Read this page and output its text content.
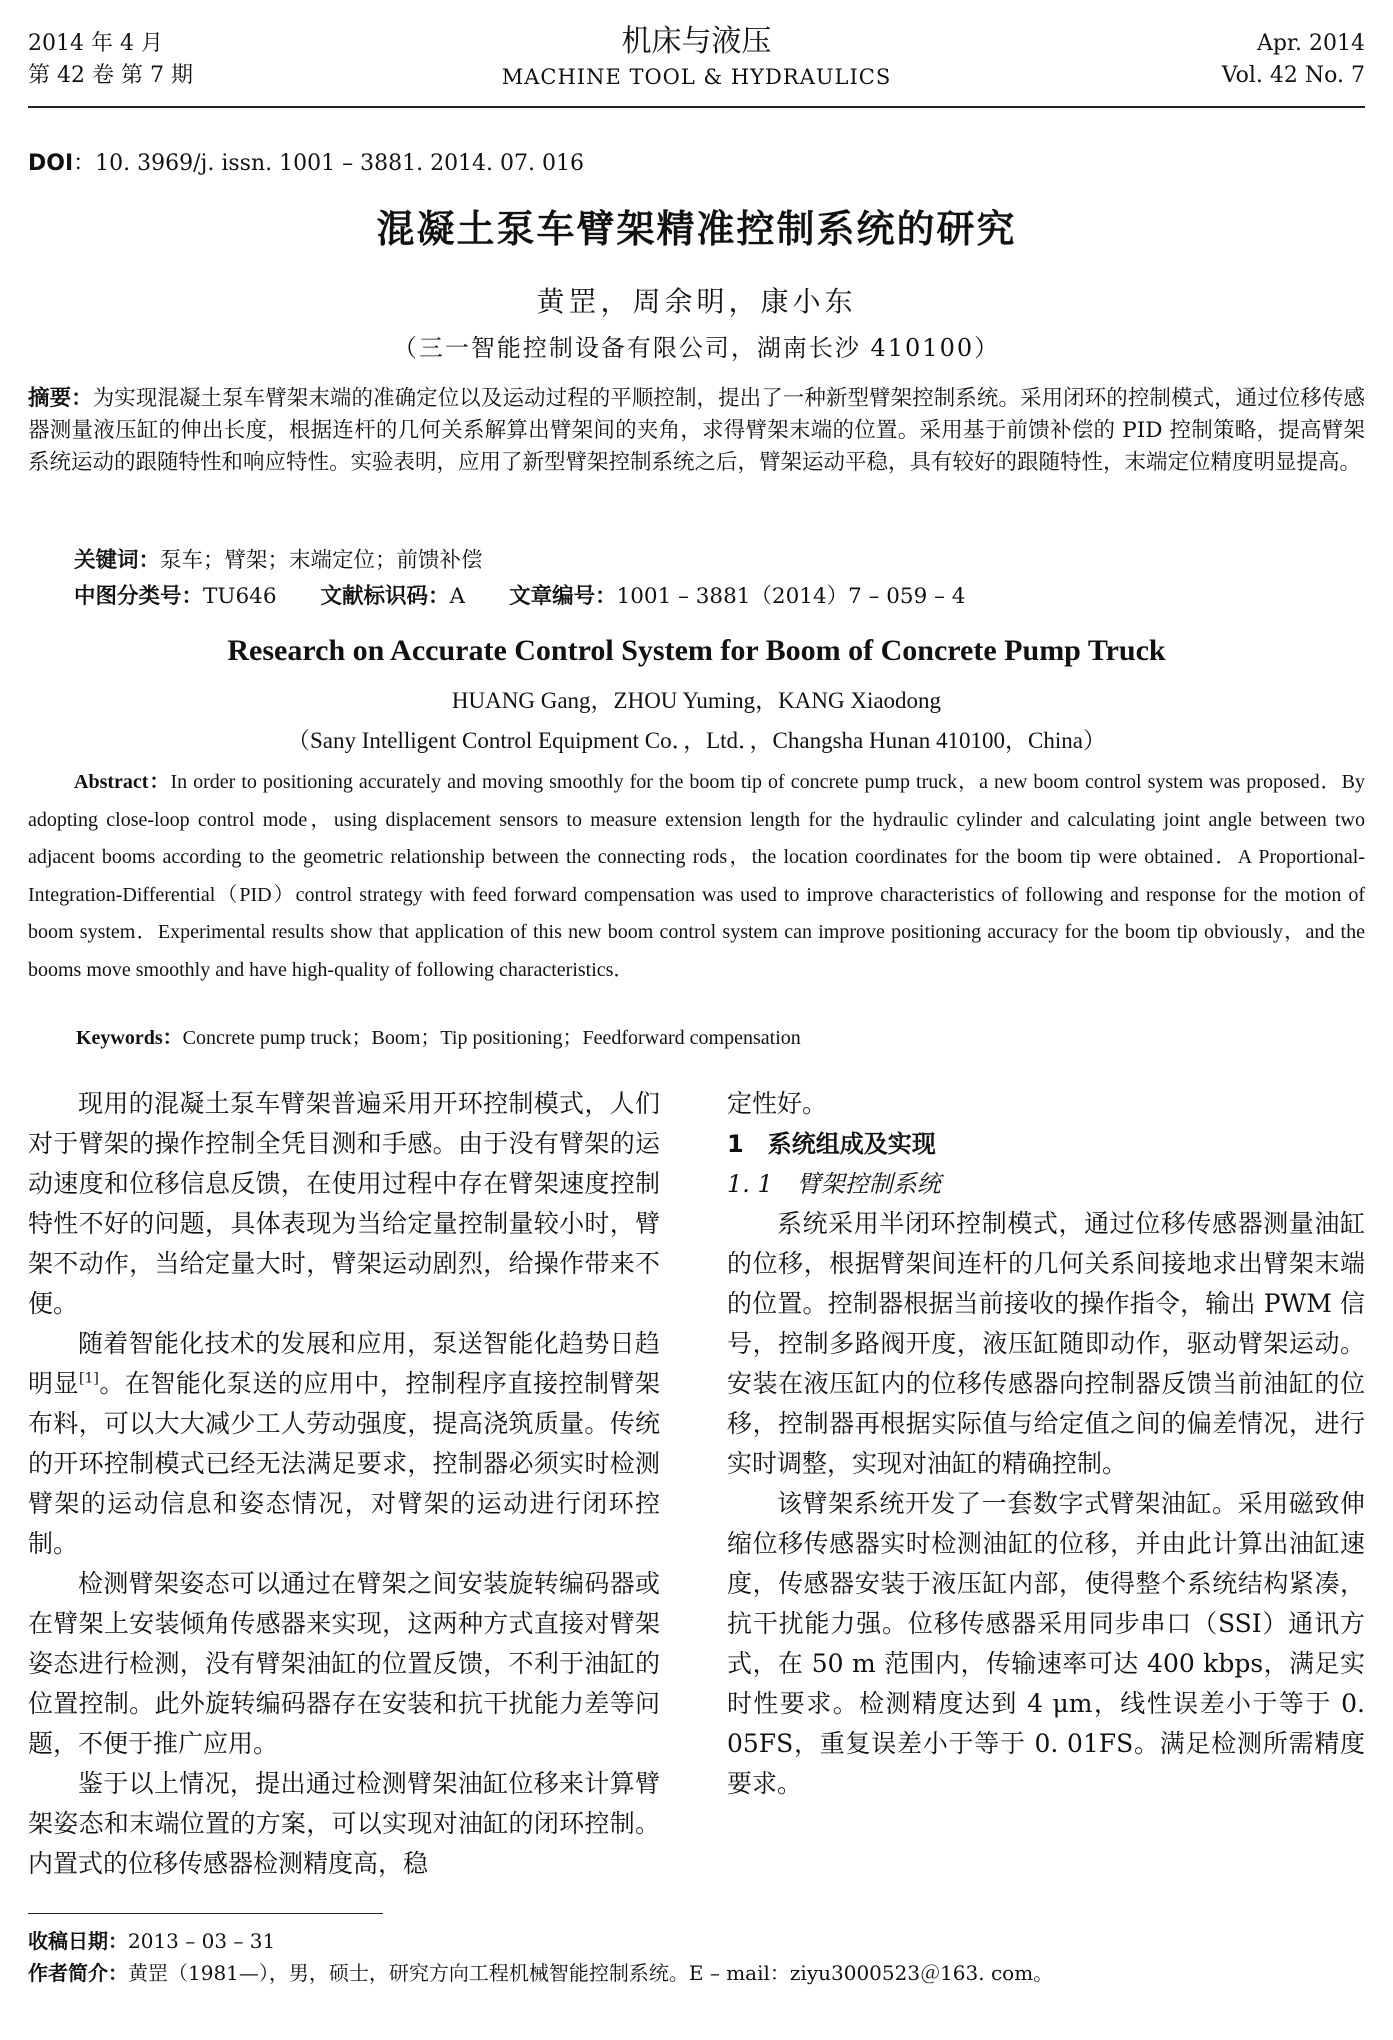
2014 年 4 月
第 42 卷 第 7 期
机床与液压
MACHINE TOOL & HYDRAULICS
Apr. 2014
Vol. 42 No. 7
DOI：10. 3969/j. issn. 1001 – 3881. 2014. 07. 016
混凝土泵车臂架精准控制系统的研究
黄罡，周余明，康小东
（三一智能控制设备有限公司，湖南长沙 410100）
摘要：为实现混凝土泵车臂架末端的准确定位以及运动过程的平顺控制，提出了一种新型臂架控制系统。采用闭环的控制模式，通过位移传感器测量液压缸的伸出长度，根据连杆的几何关系解算出臂架间的夹角，求得臂架末端的位置。采用基于前馈补偿的 PID 控制策略，提高臂架系统运动的跟随特性和响应特性。实验表明，应用了新型臂架控制系统之后，臂架运动平稳，具有较好的跟随特性，末端定位精度明显提高。
关键词：泵车；臂架；末端定位；前馈补偿
中图分类号：TU646 文献标识码：A 文章编号：1001 – 3881（2014）7 – 059 – 4
Research on Accurate Control System for Boom of Concrete Pump Truck
HUANG Gang，ZHOU Yuming，KANG Xiaodong
（Sany Intelligent Control Equipment Co．，Ltd．，Changsha Hunan 410100，China）
Abstract：In order to positioning accurately and moving smoothly for the boom tip of concrete pump truck，a new boom control system was proposed．By adopting close-loop control mode，using displacement sensors to measure extension length for the hydraulic cylinder and calculating joint angle between two adjacent booms according to the geometric relationship between the connecting rods，the location coordinates for the boom tip were obtained．A Proportional-Integration-Differential（PID）control strategy with feed forward compensation was used to improve characteristics of following and response for the motion of boom system．Experimental results show that application of this new boom control system can improve positioning accuracy for the boom tip obviously，and the booms move smoothly and have high-quality of following characteristics．
Keywords：Concrete pump truck；Boom；Tip positioning；Feedforward compensation

现用的混凝土泵车臂架普遍采用开环控制模式，人们对于臂架的操作控制全凭目测和手感。由于没有臂架的运动速度和位移信息反馈，在使用过程中存在臂架速度控制特性不好的问题，具体表现为当给定量控制量较小时，臂架不动作，当给定量大时，臂架运动剧烈，给操作带来不便。

随着智能化技术的发展和应用，泵送智能化趋势日趋明显[1]。在智能化泵送的应用中，控制程序直接控制臂架布料，可以大大减少工人劳动强度，提高浇筑质量。传统的开环控制模式已经无法满足要求，控制器必须实时检测臂架的运动信息和姿态情况，对臂架的运动进行闭环控制。

检测臂架姿态可以通过在臂架之间安装旋转编码器或在臂架上安装倾角传感器来实现，这两种方式直接对臂架姿态进行检测，没有臂架油缸的位置反馈，不利于油缸的位置控制。此外旋转编码器存在安装和抗干扰能力差等问题，不便于推广应用。

鉴于以上情况，提出通过检测臂架油缸位移来计算臂架姿态和末端位置的方案，可以实现对油缸的闭环控制。内置式的位移传感器检测精度高，稳

定性好。

1　系统组成及实现

1. 1　臂架控制系统

系统采用半闭环控制模式，通过位移传感器测量油缸的位移，根据臂架间连杆的几何关系间接地求出臂架末端的位置。控制器根据当前接收的操作指令，输出 PWM 信号，控制多路阀开度，液压缸随即动作，驱动臂架运动。安装在液压缸内的位移传感器向控制器反馈当前油缸的位移，控制器再根据实际值与给定值之间的偏差情况，进行实时调整，实现对油缸的精确控制。

该臂架系统开发了一套数字式臂架油缸。采用磁致伸缩位移传感器实时检测油缸的位移，并由此计算出油缸速度，传感器安装于液压缸内部，使得整个系统结构紧凑，抗干扰能力强。位移传感器采用同步串口（SSI）通讯方式，在 50 m 范围内，传输速率可达 400 kbps，满足实时性要求。检测精度达到 4 μm，线性误差小于等于 0. 05FS，重复误差小于等于 0. 01FS。满足检测所需精度要求。

收稿日期：2013 – 03 – 31
作者简介：黄罡（1981—），男，硕士，研究方向工程机械智能控制系统。E – mail：ziyu3000523＠163. com。
